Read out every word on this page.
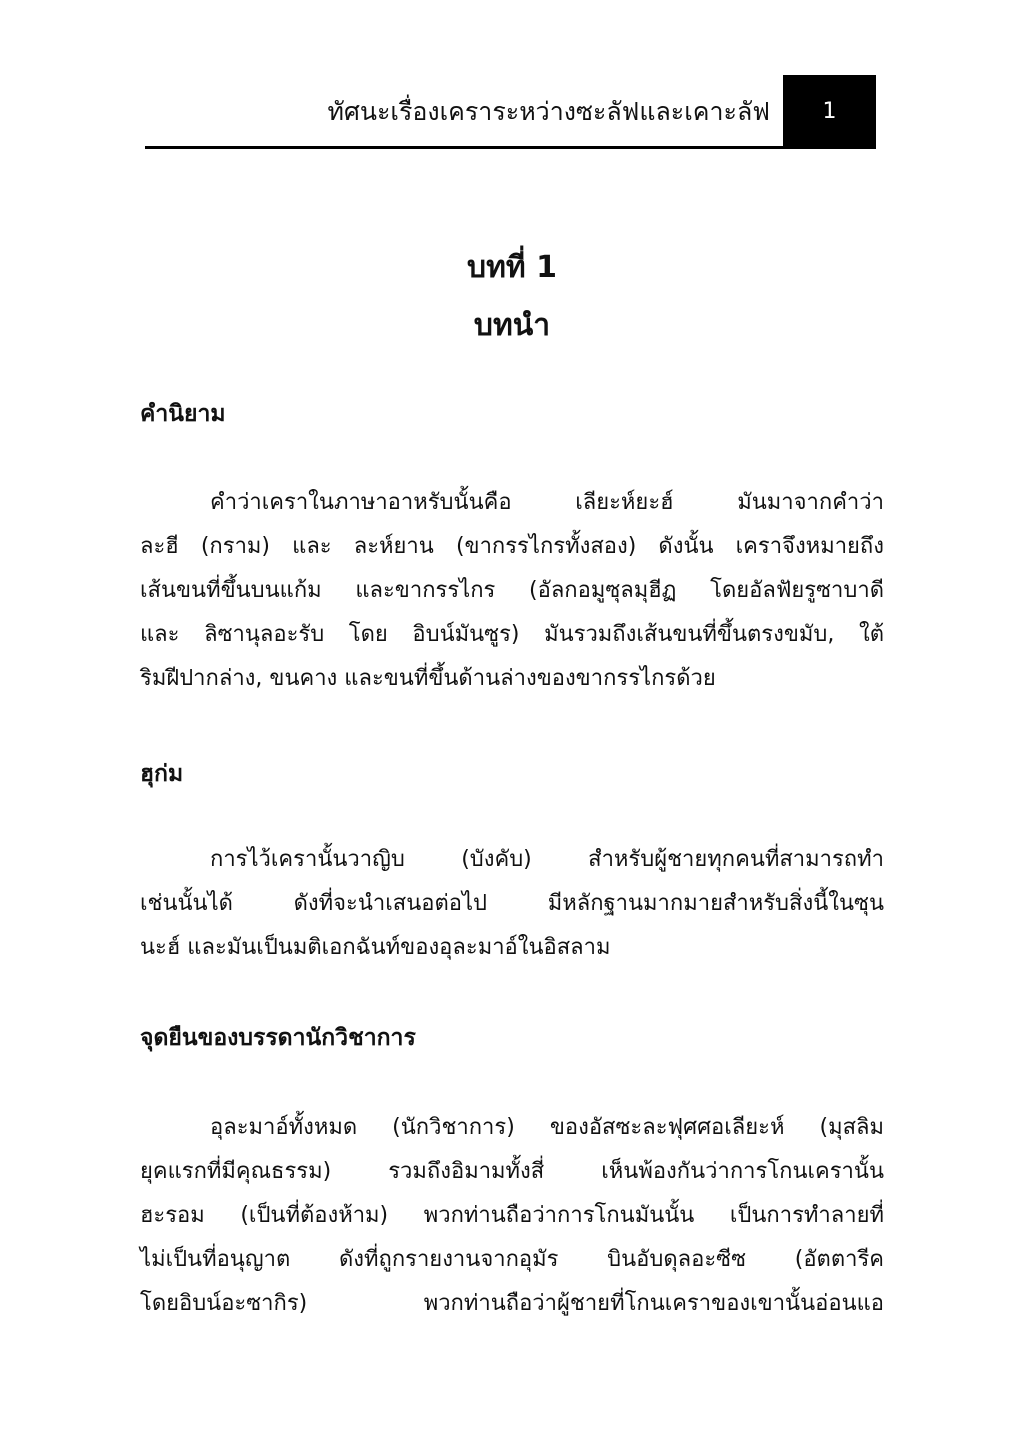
ทัศนะเรื่องเคราระหว่างซะลัฟและเคาะลัฟ 1
บทที่ 1
บทนำ
คำนิยาม
คำว่าเคราในภาษาอาหรับนั้นคือ เลียะห์ยะฮ์ มันมาจากคำว่า
ละฮี (กราม) และ ละห์ยาน (ขากรรไกรทั้งสอง) ดังนั้น เคราจึงหมายถึง
เส้นขนที่ขึ้นบนแก้ม และขากรรไกร (อัลกอมูซุลมุฮีฏ โดยอัลฟัยรูซาบาดี
และ ลิซานุลอะรับ โดย อิบน์มันซูร) มันรวมถึงเส้นขนที่ขึ้นตรงขมับ, ใต้
ริมฝีปากล่าง, ขนคาง และขนที่ขึ้นด้านล่างของขากรรไกรด้วย
ฮุก่ม
การไว้เครานั้นวาญิบ (บังคับ) สำหรับผู้ชายทุกคนที่สามารถทำ
เช่นนั้นได้ ดังที่จะนำเสนอต่อไป มีหลักฐานมากมายสำหรับสิ่งนี้ในซุน
นะฮ์ และมันเป็นมติเอกฉันท์ของอุละมาอ์ในอิสลาม
จุดยืนของบรรดานักวิชาการ
อุละมาอ์ทั้งหมด (นักวิชาการ) ของอัสซะละฟุศศอเลียะห์ (มุสลิม
ยุคแรกที่มีคุณธรรม) รวมถึงอิมามทั้งสี่ เห็นพ้องกันว่าการโกนเครานั้น
ฮะรอม (เป็นที่ต้องห้าม) พวกท่านถือว่าการโกนมันนั้น เป็นการทำลายที่
ไม่เป็นที่อนุญาต ดังที่ถูกรายงานจากอุมัร บินอับดุลอะซีซ (อัตตารีค
โดยอิบน์อะซากิร) พวกท่านถือว่าผู้ชายที่โกนเคราของเขานั้นอ่อนแอ
